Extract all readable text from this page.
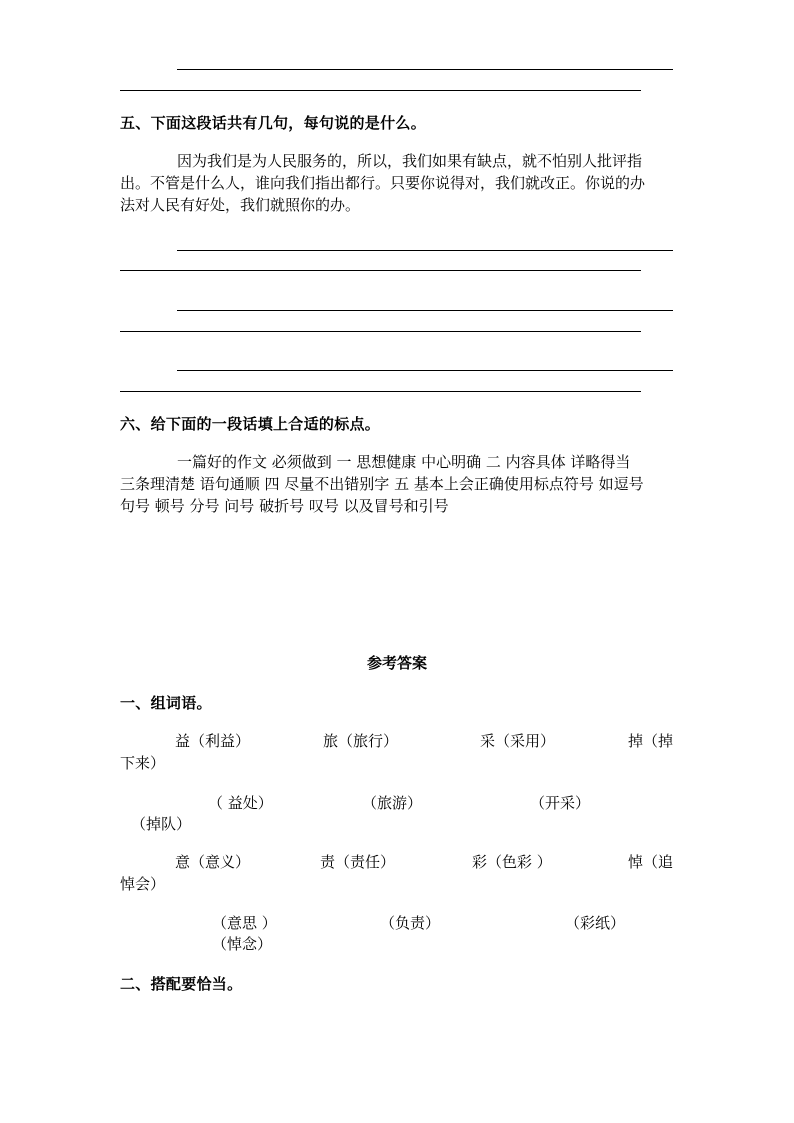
五、下面这段话共有几句，每句说的是什么。
因为我们是为人民服务的，所以，我们如果有缺点，就不怕别人批评指
出。不管是什么人，谁向我们指出都行。只要你说得对，我们就改正。你说的办
法对人民有好处，我们就照你的办。
六、给下面的一段话填上合适的标点。
一篇好的作文 必须做到 一 思想健康 中心明确 二 内容具体 详略得当
三条理清楚 语句通顺 四 尽量不出错别字 五 基本上会正确使用标点符号 如逗号
句号 顿号 分号 问号 破折号 叹号 以及冒号和引号
参考答案
一、组词语。
益（利益）	旅（旅行）	采（采用）	掉（掉
下来）
（ 益处）	（旅游）	（开采）
（掉队）
意（意义）	责（责任）	彩（色彩 ）	悼（追
悼会）
（意思 ）	（负责）	（彩纸）
（悼念）
二、搭配要恰当。
